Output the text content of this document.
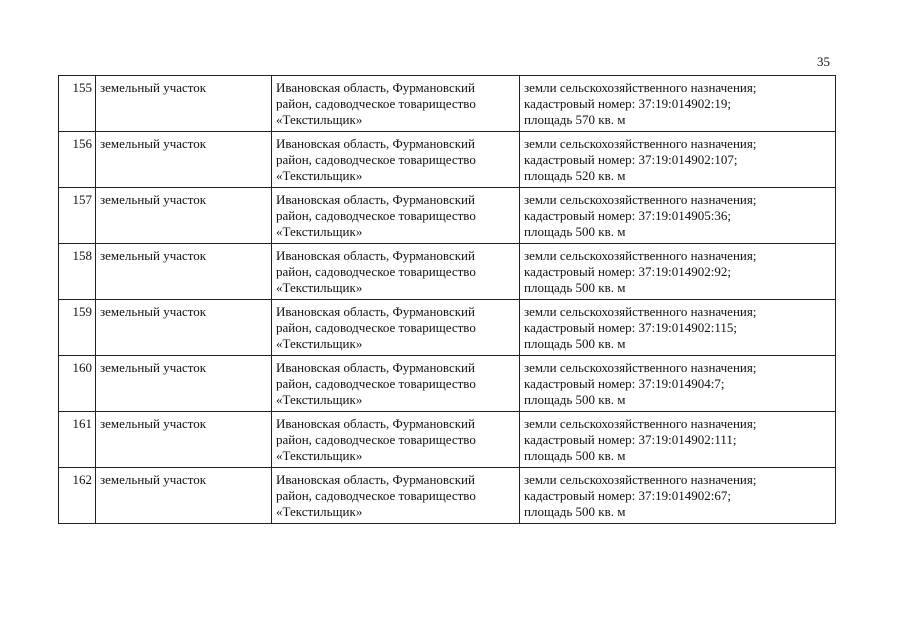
35
155	земельный участок	Ивановская область, Фурмановский
район, садоводческое товарищество
«Текстильщик»	земли сельскохозяйственного назначения;
кадастровый номер: 37:19:014902:19;
площадь 570 кв. м

156	земельный участок	Ивановская область, Фурмановский
район, садоводческое товарищество
«Текстильщик»	земли сельскохозяйственного назначения;
кадастровый номер: 37:19:014902:107;
площадь 520 кв. м

157	земельный участок	Ивановская область, Фурмановский
район, садоводческое товарищество
«Текстильщик»	земли сельскохозяйственного назначения;
кадастровый номер: 37:19:014905:36;
площадь 500 кв. м

158	земельный участок	Ивановская область, Фурмановский
район, садоводческое товарищество
«Текстильщик»	земли сельскохозяйственного назначения;
кадастровый номер: 37:19:014902:92;
площадь 500 кв. м

159	земельный участок	Ивановская область, Фурмановский
район, садоводческое товарищество
«Текстильщик»	земли сельскохозяйственного назначения;
кадастровый номер: 37:19:014902:115;
площадь 500 кв. м

160	земельный участок	Ивановская область, Фурмановский
район, садоводческое товарищество
«Текстильщик»	земли сельскохозяйственного назначения;
кадастровый номер: 37:19:014904:7;
площадь 500 кв. м

161	земельный участок	Ивановская область, Фурмановский
район, садоводческое товарищество
«Текстильщик»	земли сельскохозяйственного назначения;
кадастровый номер: 37:19:014902:111;
площадь 500 кв. м

162	земельный участок	Ивановская область, Фурмановский
район, садоводческое товарищество
«Текстильщик»	земли сельскохозяйственного назначения;
кадастровый номер: 37:19:014902:67;
площадь 500 кв. м
